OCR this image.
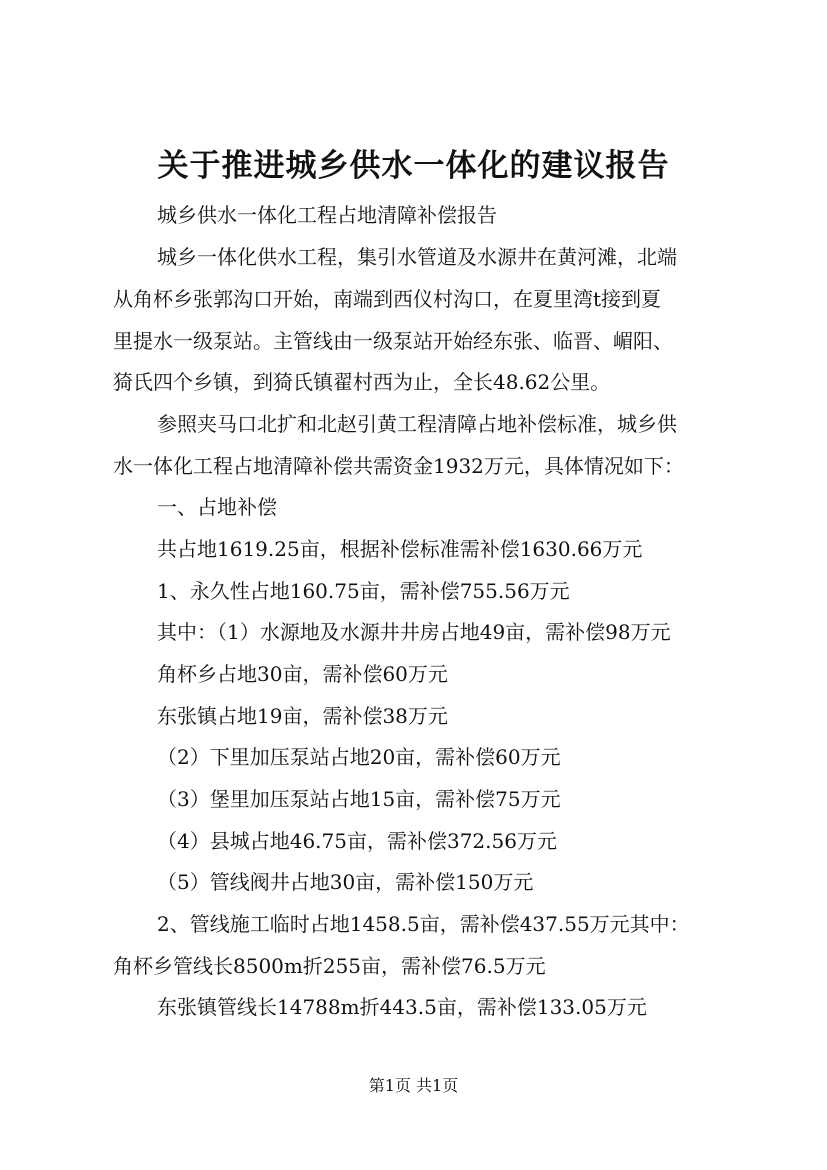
关于推进城乡供水一体化的建议报告

城乡供水一体化工程占地清障补偿报告

城乡一体化供水工程，集引水管道及水源井在黄河滩，北端

从角杯乡张郭沟口开始，南端到西仪村沟口，在夏里湾t接到夏

里提水一级泵站。主管线由一级泵站开始经东张、临晋、嵋阳、

猗氏四个乡镇，到猗氏镇翟村西为止，全长48.62公里。

参照夹马口北扩和北赵引黄工程清障占地补偿标准，城乡供

水一体化工程占地清障补偿共需资金1932万元，具体情况如下：

一、占地补偿

共占地1619.25亩，根据补偿标准需补偿1630.66万元

1、永久性占地160.75亩，需补偿755.56万元

其中：（1）水源地及水源井井房占地49亩，需补偿98万元

角杯乡占地30亩，需补偿60万元

东张镇占地19亩，需补偿38万元

（2）下里加压泵站占地20亩，需补偿60万元

（3）堡里加压泵站占地15亩，需补偿75万元

（4）县城占地46.75亩，需补偿372.56万元

（5）管线阀井占地30亩，需补偿150万元

2、管线施工临时占地1458.5亩，需补偿437.55万元其中：

角杯乡管线长8500m折255亩，需补偿76.5万元

东张镇管线长14788m折443.5亩，需补偿133.05万元

第1页 共1页
